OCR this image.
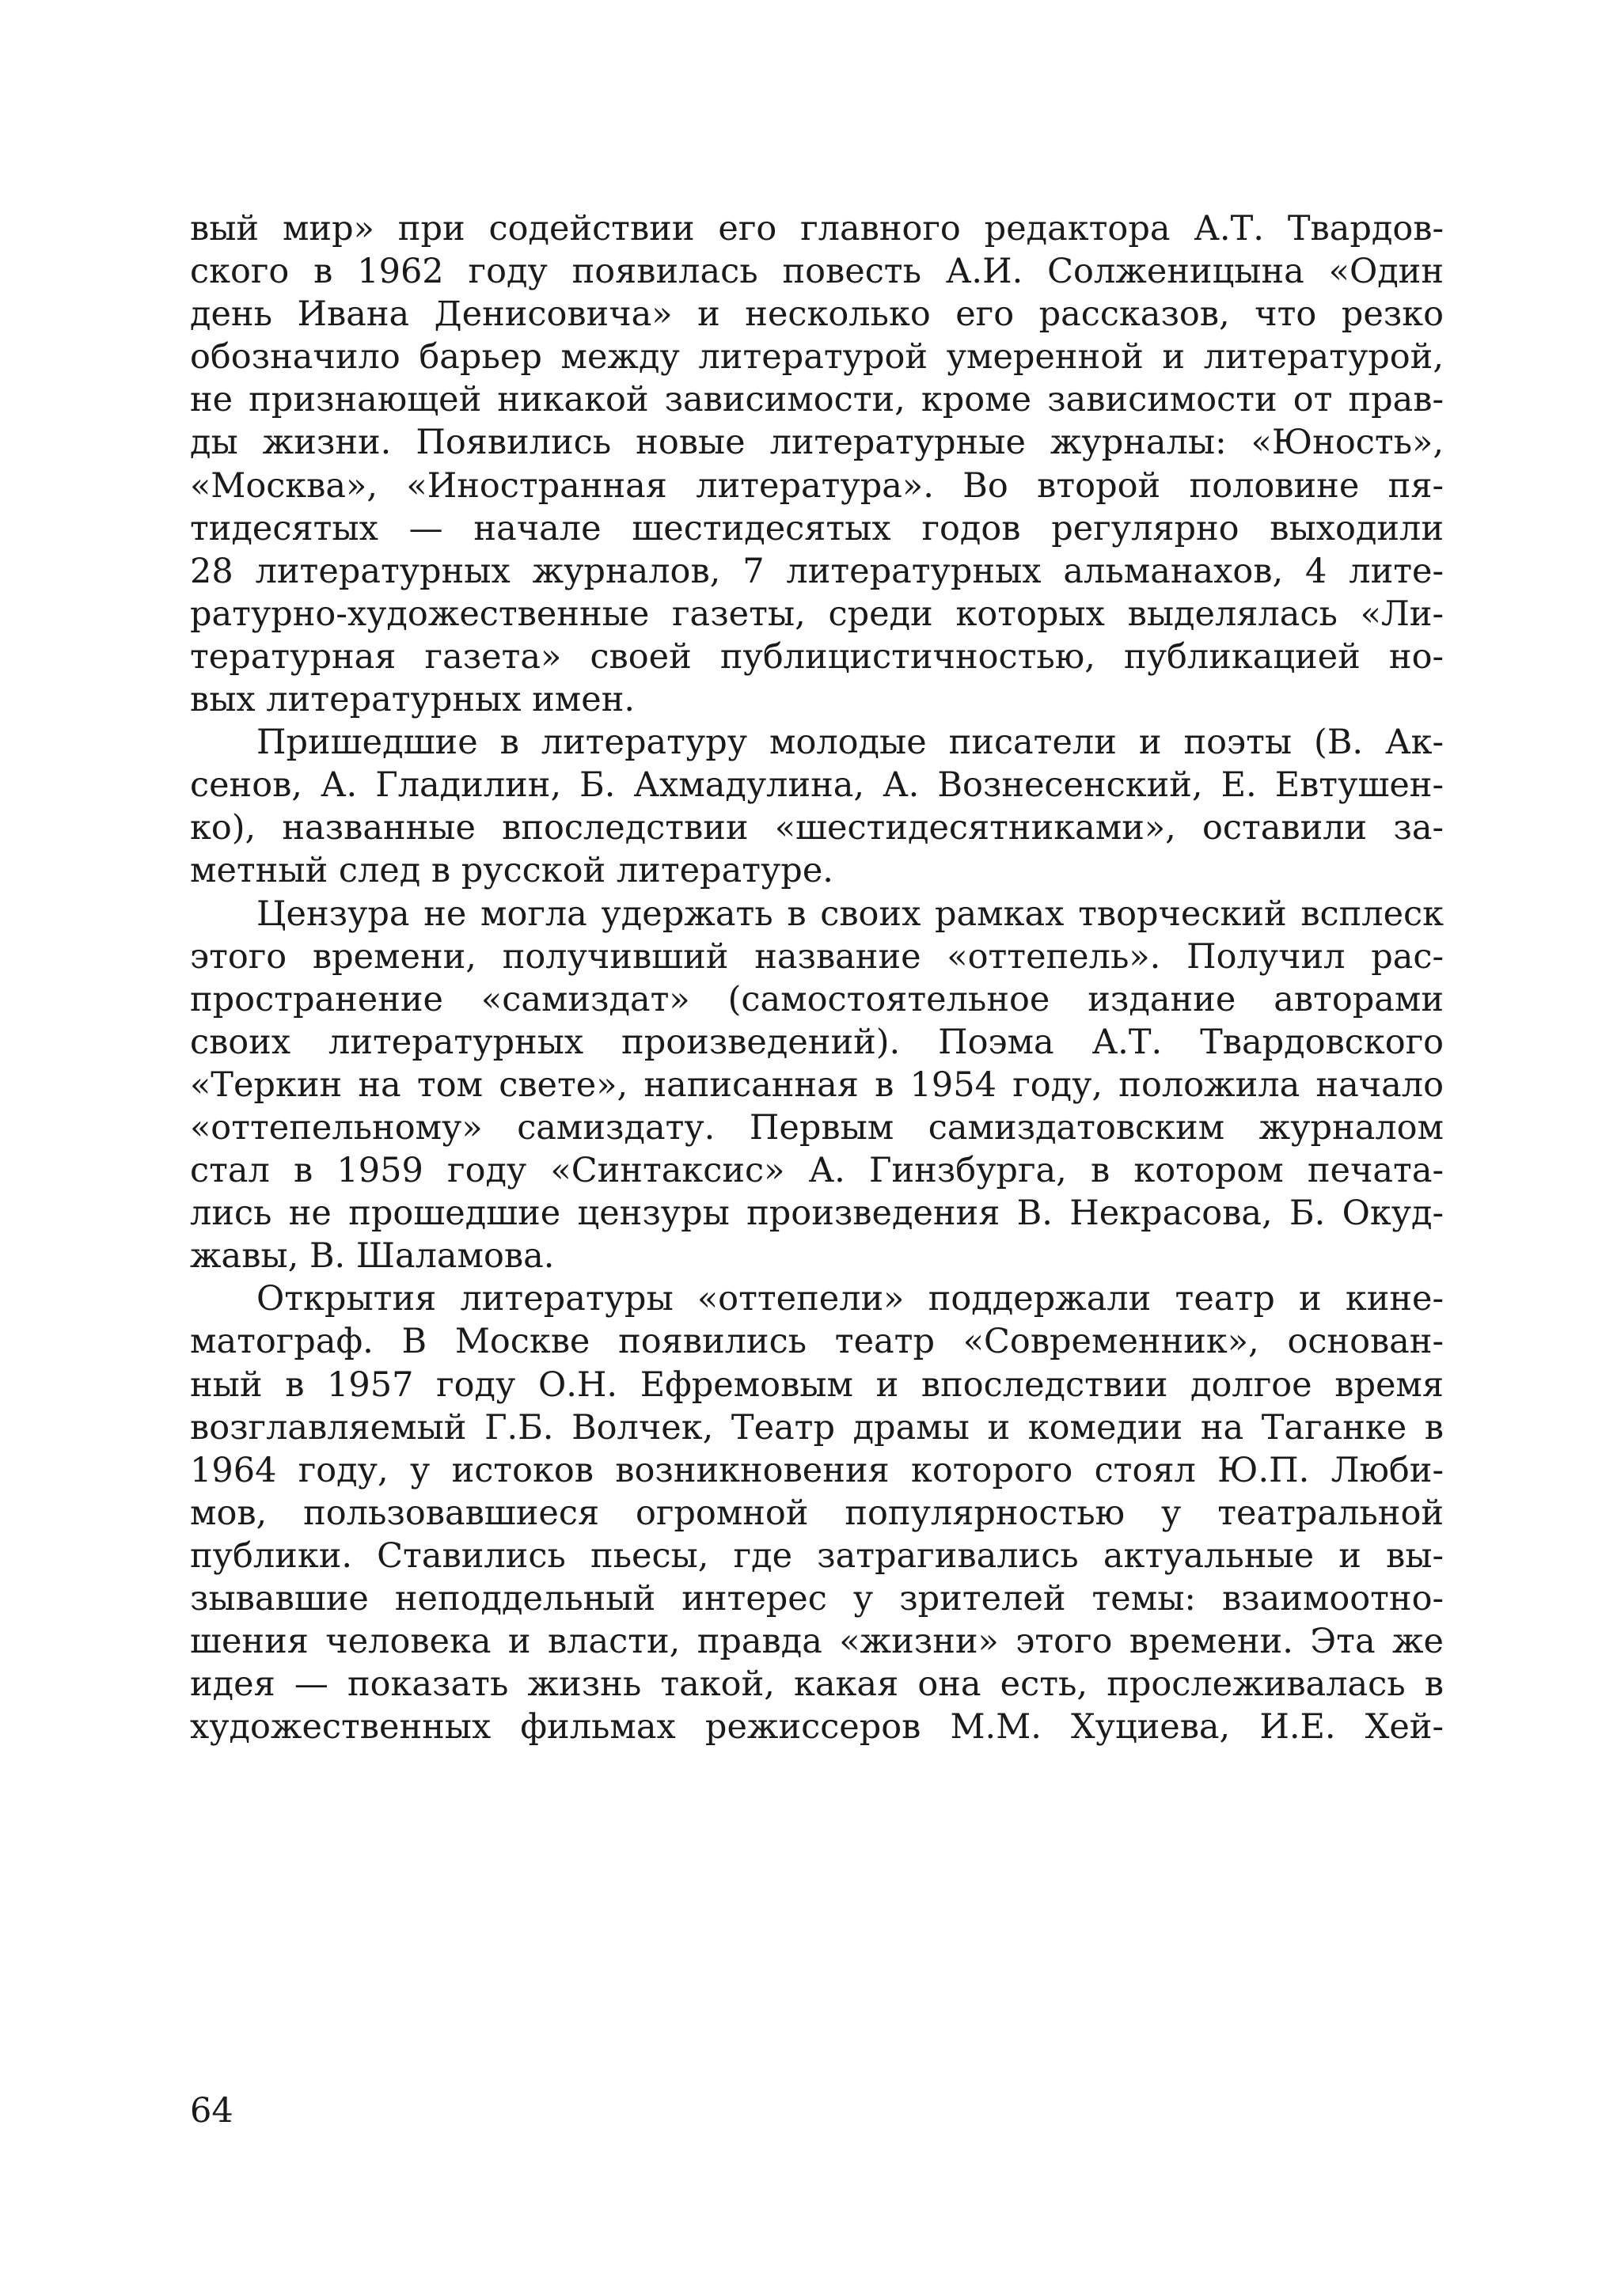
вый мир» при содействии его главного редактора А.Т. Твардов-
ского в 1962 году появилась повесть А.И. Солженицына «Один
день Ивана Денисовича» и несколько его рассказов, что резко
обозначило барьер между литературой умеренной и литературой,
не признающей никакой зависимости, кроме зависимости от прав-
ды жизни. Появились новые литературные журналы: «Юность»,
«Москва», «Иностранная литература». Во второй половине пя-
тидесятых — начале шестидесятых годов регулярно выходили
28 литературных журналов, 7 литературных альманахов, 4 лите-
ратурно-художественные газеты, среди которых выделялась «Ли-
тературная газета» своей публицистичностью, публикацией но-
вых литературных имен.
Пришедшие в литературу молодые писатели и поэты (В. Ак-
сенов, А. Гладилин, Б. Ахмадулина, А. Вознесенский, Е. Евтушен-
ко), названные впоследствии «шестидесятниками», оставили за-
метный след в русской литературе.
Цензура не могла удержать в своих рамках творческий всплеск
этого времени, получивший название «оттепель». Получил рас-
пространение «самиздат» (самостоятельное издание авторами
своих литературных произведений). Поэма А.Т. Твардовского
«Теркин на том свете», написанная в 1954 году, положила начало
«оттепельному» самиздату. Первым самиздатовским журналом
стал в 1959 году «Синтаксис» А. Гинзбурга, в котором печата-
лись не прошедшие цензуры произведения В. Некрасова, Б. Окуд-
жавы, В. Шаламова.
Открытия литературы «оттепели» поддержали театр и кине-
матограф. В Москве появились театр «Современник», основан-
ный в 1957 году О.Н. Ефремовым и впоследствии долгое время
возглавляемый Г.Б. Волчек, Театр драмы и комедии на Таганке в
1964 году, у истоков возникновения которого стоял Ю.П. Люби-
мов, пользовавшиеся огромной популярностью у театральной
публики. Ставились пьесы, где затрагивались актуальные и вы-
зывавшие неподдельный интерес у зрителей темы: взаимоотно-
шения человека и власти, правда «жизни» этого времени. Эта же
идея — показать жизнь такой, какая она есть, прослеживалась в
художественных фильмах режиссеров М.М. Хуциева, И.Е. Хей-
64
